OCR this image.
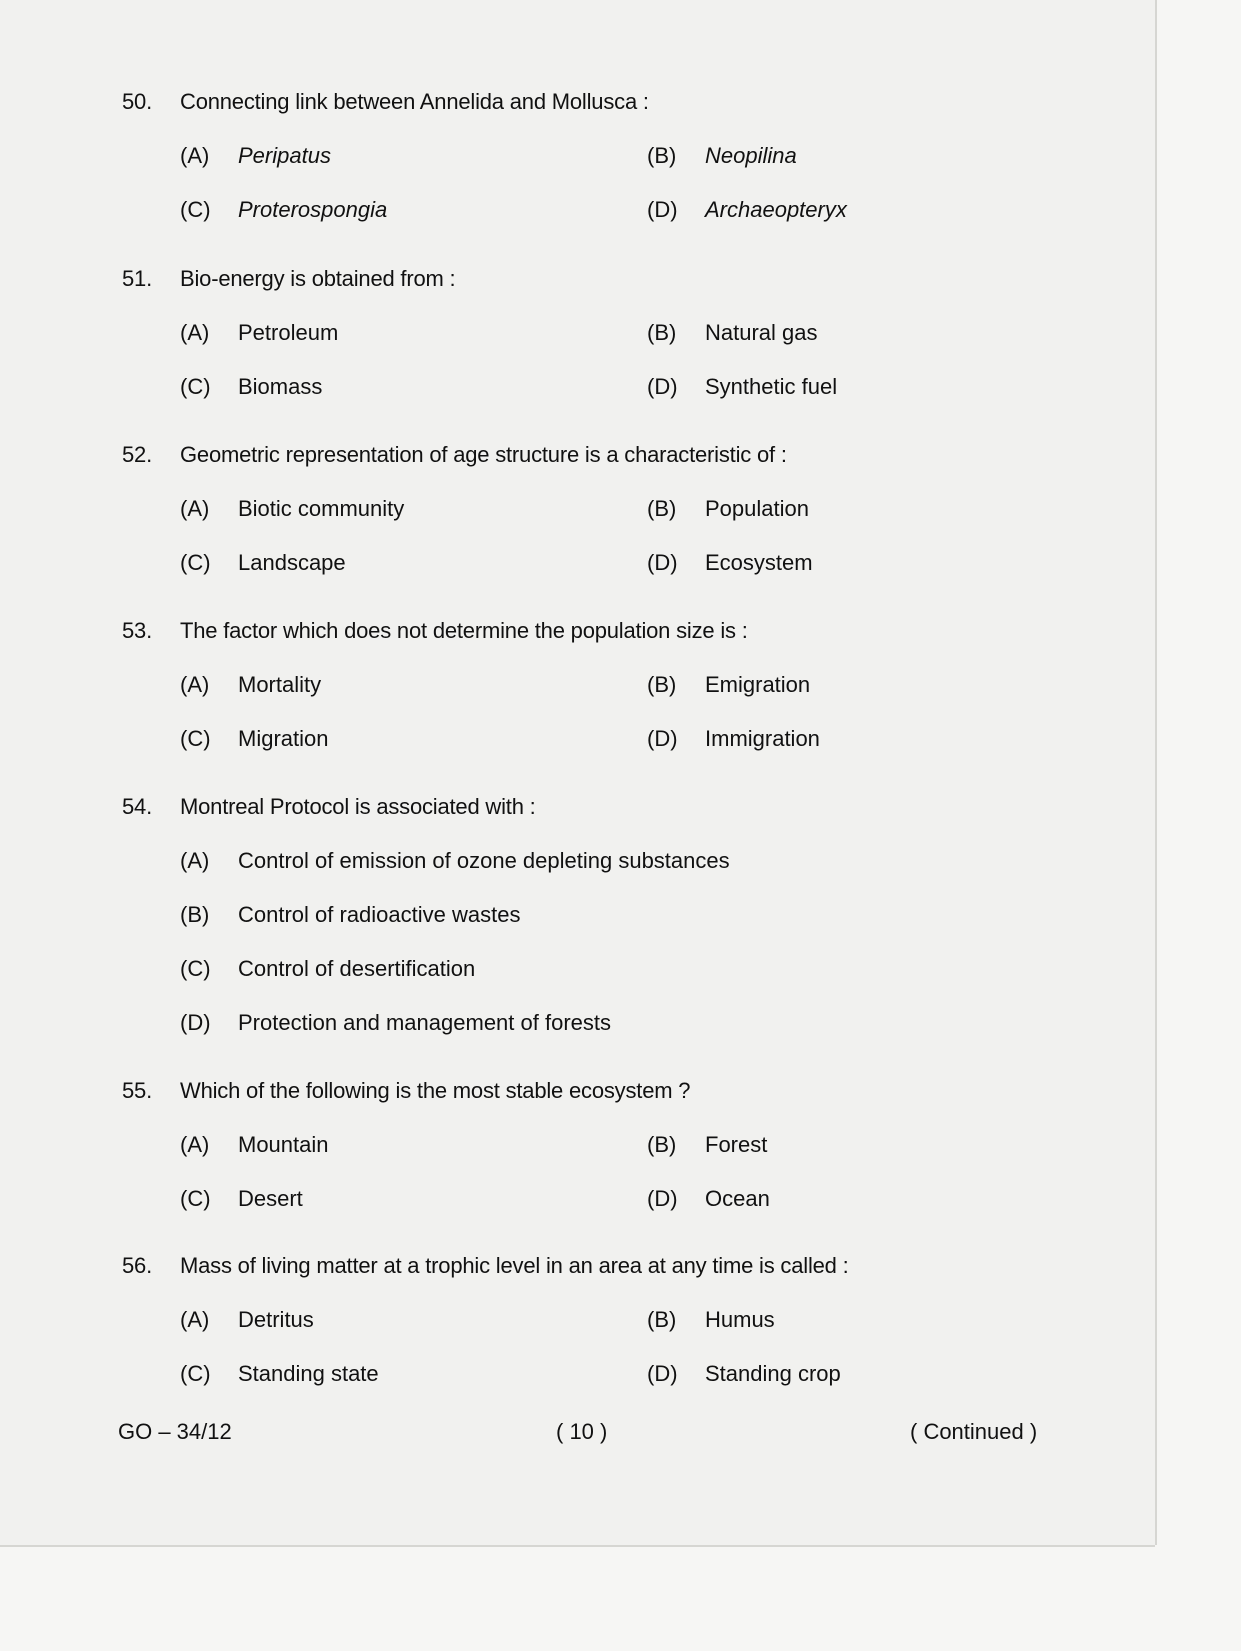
50.	Connecting link between Annelida and Mollusca :
(A)	Peripatus	(B)	Neopilina
(C)	Proterospongia	(D)	Archaeopteryx
51.	Bio-energy is obtained from :
(A)	Petroleum	(B)	Natural gas
(C)	Biomass	(D)	Synthetic fuel
52.	Geometric representation of age structure is a characteristic of :
(A)	Biotic community	(B)	Population
(C)	Landscape	(D)	Ecosystem
53.	The factor which does not determine the population size is :
(A)	Mortality	(B)	Emigration
(C)	Migration	(D)	Immigration
54.	Montreal Protocol is associated with :
(A)	Control of emission of ozone depleting substances
(B)	Control of radioactive wastes
(C)	Control of desertification
(D)	Protection and management of forests
55.	Which of the following is the most stable ecosystem ?
(A)	Mountain	(B)	Forest
(C)	Desert	(D)	Ocean
56.	Mass of living matter at a trophic level in an area at any time is called :
(A)	Detritus	(B)	Humus
(C)	Standing state	(D)	Standing crop
GO – 34/12	( 10 )	( Continued )
